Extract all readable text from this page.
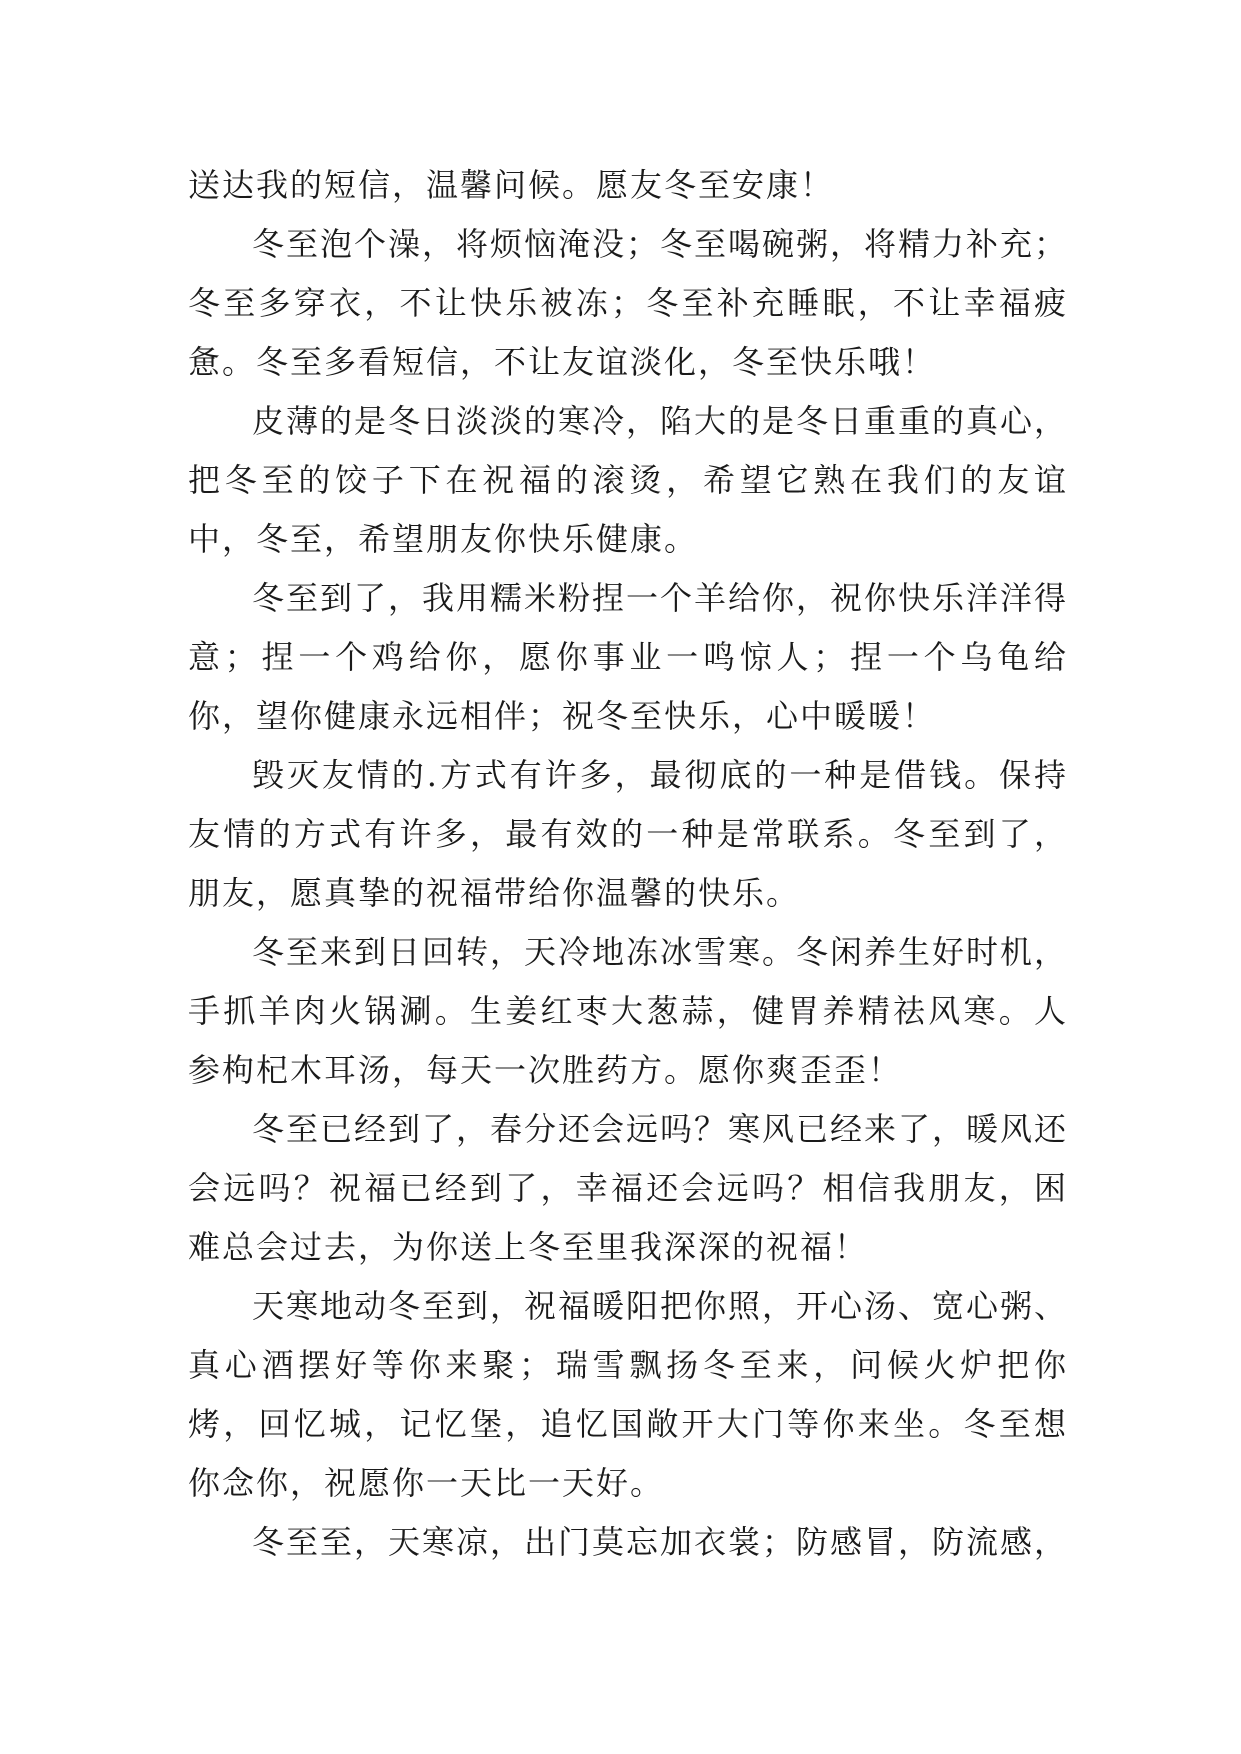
送达我的短信，温馨问候。愿友冬至安康！

冬至泡个澡，将烦恼淹没；冬至喝碗粥，将精力补充；冬至多穿衣，不让快乐被冻；冬至补充睡眠，不让幸福疲惫。冬至多看短信，不让友谊淡化，冬至快乐哦！

皮薄的是冬日淡淡的寒冷，陷大的是冬日重重的真心，把冬至的饺子下在祝福的滚烫，希望它熟在我们的友谊中，冬至，希望朋友你快乐健康。

冬至到了，我用糯米粉捏一个羊给你，祝你快乐洋洋得意；捏一个鸡给你，愿你事业一鸣惊人；捏一个乌龟给你，望你健康永远相伴；祝冬至快乐，心中暖暖！

毁灭友情的.方式有许多，最彻底的一种是借钱。保持友情的方式有许多，最有效的一种是常联系。冬至到了，朋友，愿真挚的祝福带给你温馨的快乐。

冬至来到日回转，天冷地冻冰雪寒。冬闲养生好时机，手抓羊肉火锅涮。生姜红枣大葱蒜，健胃养精祛风寒。人参枸杞木耳汤，每天一次胜药方。愿你爽歪歪！

冬至已经到了，春分还会远吗？寒风已经来了，暖风还会远吗？祝福已经到了，幸福还会远吗？相信我朋友，困难总会过去，为你送上冬至里我深深的祝福！

天寒地动冬至到，祝福暖阳把你照，开心汤、宽心粥、真心酒摆好等你来聚；瑞雪飘扬冬至来，问候火炉把你烤，回忆城，记忆堡，追忆国敞开大门等你来坐。冬至想你念你，祝愿你一天比一天好。

冬至至，天寒凉，出门莫忘加衣裳；防感冒，防流感，
